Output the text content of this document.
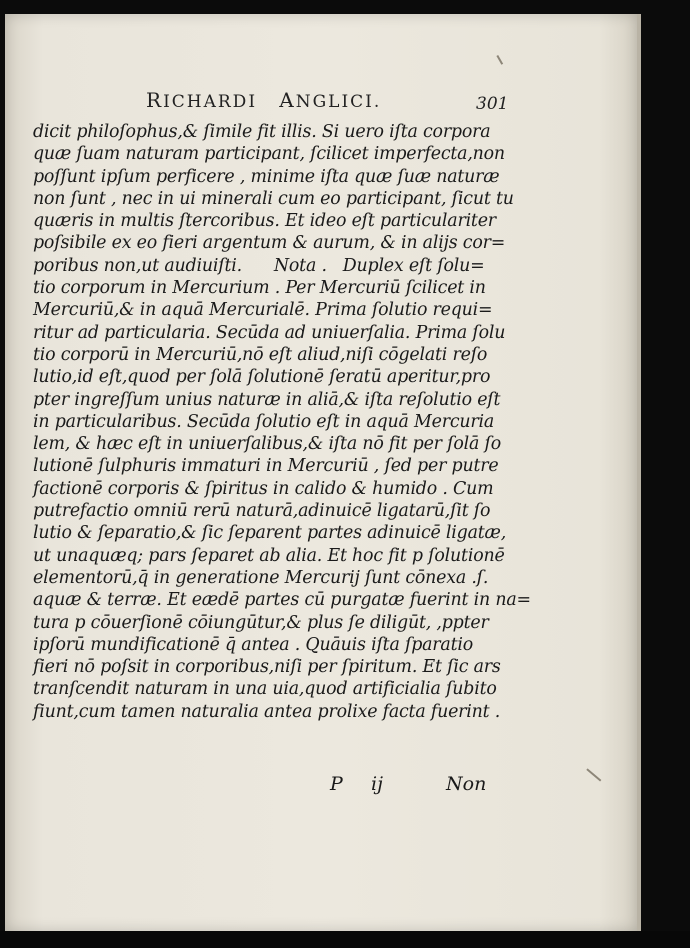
RICHARDI ANGLICI.	301
dicit philoſophus,& ſimile fit illis. Si uero iſta corpora
quæ ſuam naturam participant, ſcilicet imperfecta,non
poſſunt ipſum perficere , minime iſta quæ ſuæ naturæ
non ſunt , nec in ui minerali cum eo participant, ſicut tu
quæris in multis ſtercoribus. Et ideo eſt particulariter
poſsibile ex eo fieri argentum & aurum, & in alijs cor=
poribus non,ut audiuiſti.      Nota .   Duplex eſt ſolu=
tio corporum in Mercurium . Per Mercuriū ſcilicet in
Mercuriū,& in aquā Mercurialē. Prima ſolutio requi=
ritur ad particularia. Secūda ad uniuerſalia. Prima ſolu
tio corporū in Mercuriū,nō eſt aliud,niſi cōgelati reſo
lutio,id eſt,quod per ſolā ſolutionē ſeratū aperitur,pro
pter ingreſſum unius naturæ in aliā,& iſta reſolutio eſt
in particularibus. Secūda ſolutio eſt in aquā Mercuria
lem, & hæc eſt in uniuerſalibus,& iſta nō fit per ſolā ſo
lutionē ſulphuris immaturi in Mercuriū , ſed per putre
factionē corporis & ſpiritus in calido & humido . Cum
putrefactio omniū rerū naturā,adinuicē ligatarū,ſit ſo
lutio & ſeparatio,& ſic ſeparent partes adinuicē ligatæ,
ut unaquæq; pars ſeparet ab alia. Et hoc fit p ſolutionē
elementorū,q̄ in generatione Mercurij ſunt cōnexa .ſ.
aquæ & terræ. Et eædē partes cū purgatæ fuerint in na=
tura p cōuerſionē cōiungūtur,& plus ſe diligūt, ,ppter
ipſorū mundificationē q̄ antea . Quāuis iſta ſparatio
fieri nō poſsit in corporibus,niſi per ſpiritum. Et ſic ars
tranſcendit naturam in una uia,quod artificialia ſubito
fiunt,cum tamen naturalia antea prolixe facta fuerint .
P ij	Non
